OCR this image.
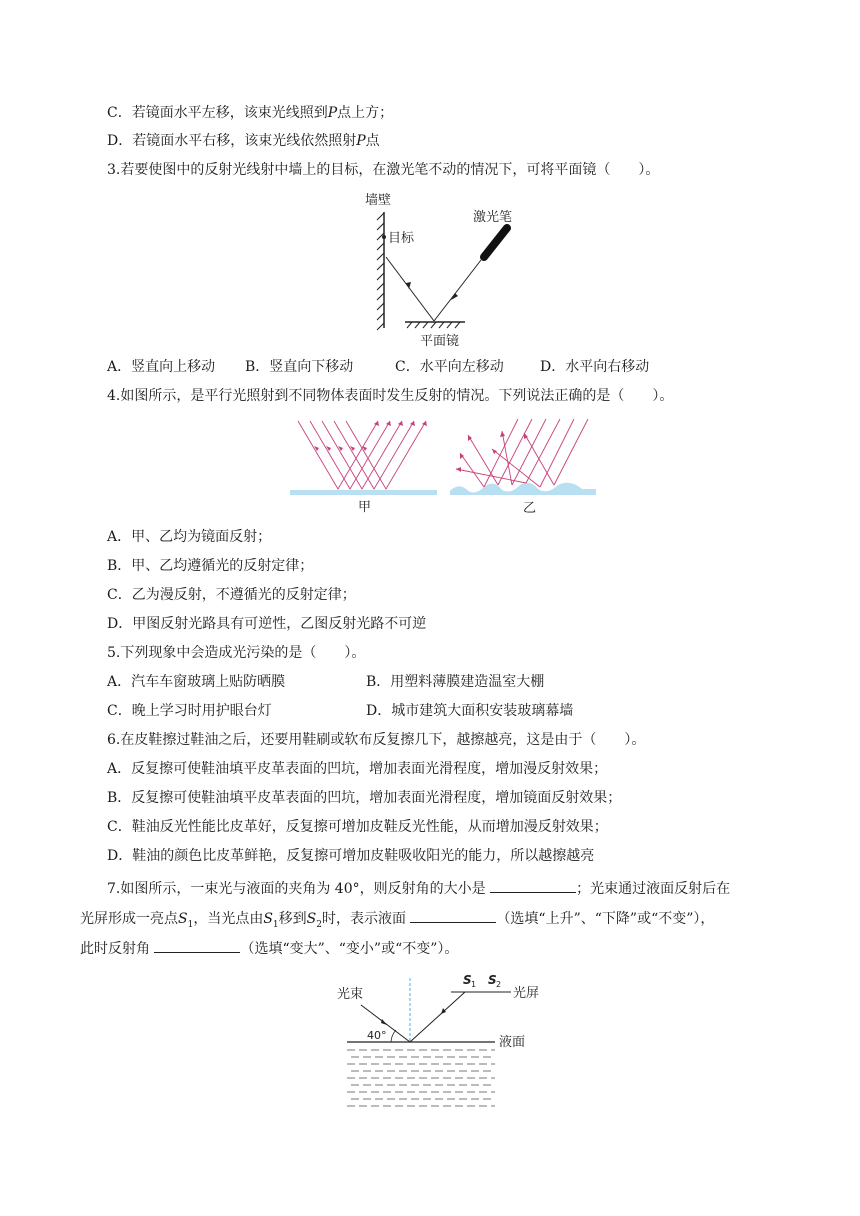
C．若镜面水平左移，该束光线照到P点上方；
D．若镜面水平右移，该束光线依然照射P点
3.若要使图中的反射光线射中墙上的目标，在激光笔不动的情况下，可将平面镜（　　）。
墙壁
目标
激光笔
平面镜
A．竖直向上移动 B．竖直向下移动	C．水平向左移动	D．水平向右移动
4.如图所示，是平行光照射到不同物体表面时发生反射的情况。下列说法正确的是（　　）。
甲	乙
A．甲、乙均为镜面反射；
B．甲、乙均遵循光的反射定律；
C．乙为漫反射，不遵循光的反射定律；
D．甲图反射光路具有可逆性，乙图反射光路不可逆
5.下列现象中会造成光污染的是（　　）。
A．汽车车窗玻璃上贴防晒膜	B．用塑料薄膜建造温室大棚
C．晚上学习时用护眼台灯	D．城市建筑大面积安装玻璃幕墙
6.在皮鞋擦过鞋油之后，还要用鞋刷或软布反复擦几下，越擦越亮，这是由于（　　）。
A．反复擦可使鞋油填平皮革表面的凹坑，增加表面光滑程度，增加漫反射效果；
B．反复擦可使鞋油填平皮革表面的凹坑，增加表面光滑程度，增加镜面反射效果；
C．鞋油反光性能比皮革好，反复擦可增加皮鞋反光性能，从而增加漫反射效果；
D．鞋油的颜色比皮革鲜艳，反复擦可增加皮鞋吸收阳光的能力，所以越擦越亮
7.如图所示，一束光与液面的夹角为 40°，则反射角的大小是	；光束通过液面反射后在
光屏形成一亮点$S_1$，当光点由$S_1$移到$S_2$时，表示液面	（选填“上升”、“下降”或“不变”），
此时反射角	（选填“变大”、“变小”或“不变”）。
光束
40°
S 1 S 2
光屏
液面
